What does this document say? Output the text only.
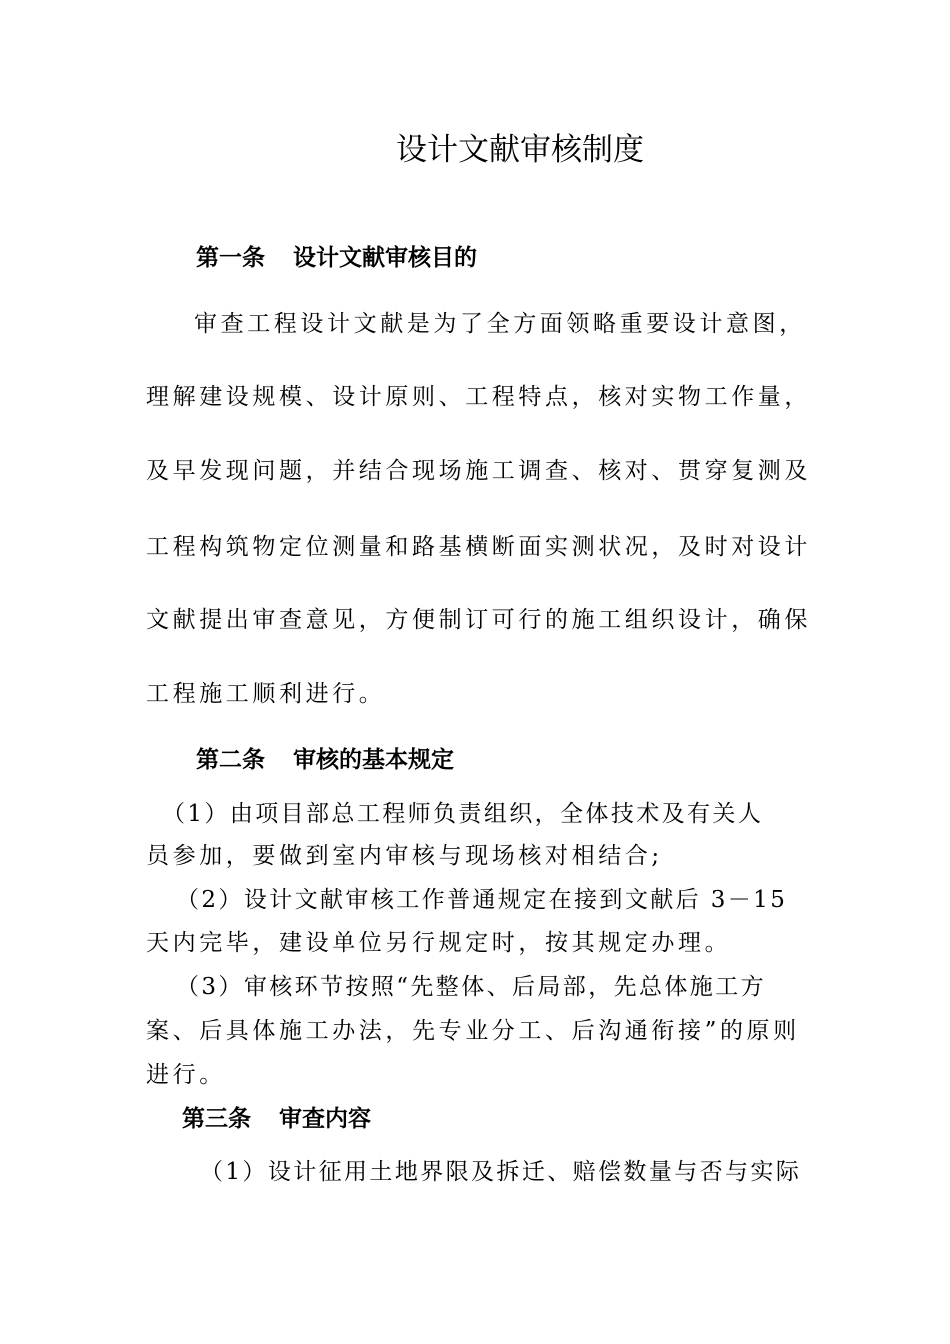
设计文献审核制度
第一条 设计文献审核目的
审查工程设计文献是为了全方面领略重要设计意图，
理解建设规模、设计原则、工程特点，核对实物工作量，
及早发现问题，并结合现场施工调查、核对、贯穿复测及
工程构筑物定位测量和路基横断面实测状况，及时对设计
文献提出审查意见，方便制订可行的施工组织设计，确保
工程施工顺利进行。
第二条 审核的基本规定
（1）由项目部总工程师负责组织，全体技术及有关人
员参加，要做到室内审核与现场核对相结合;
（2）设计文献审核工作普通规定在接到文献后 3－15
天内完毕，建设单位另行规定时，按其规定办理。
（3）审核环节按照“先整体、后局部，先总体施工方
案、后具体施工办法，先专业分工、后沟通衔接”的原则
进行。
第三条 审查内容
（1）设计征用土地界限及拆迁、赔偿数量与否与实际
